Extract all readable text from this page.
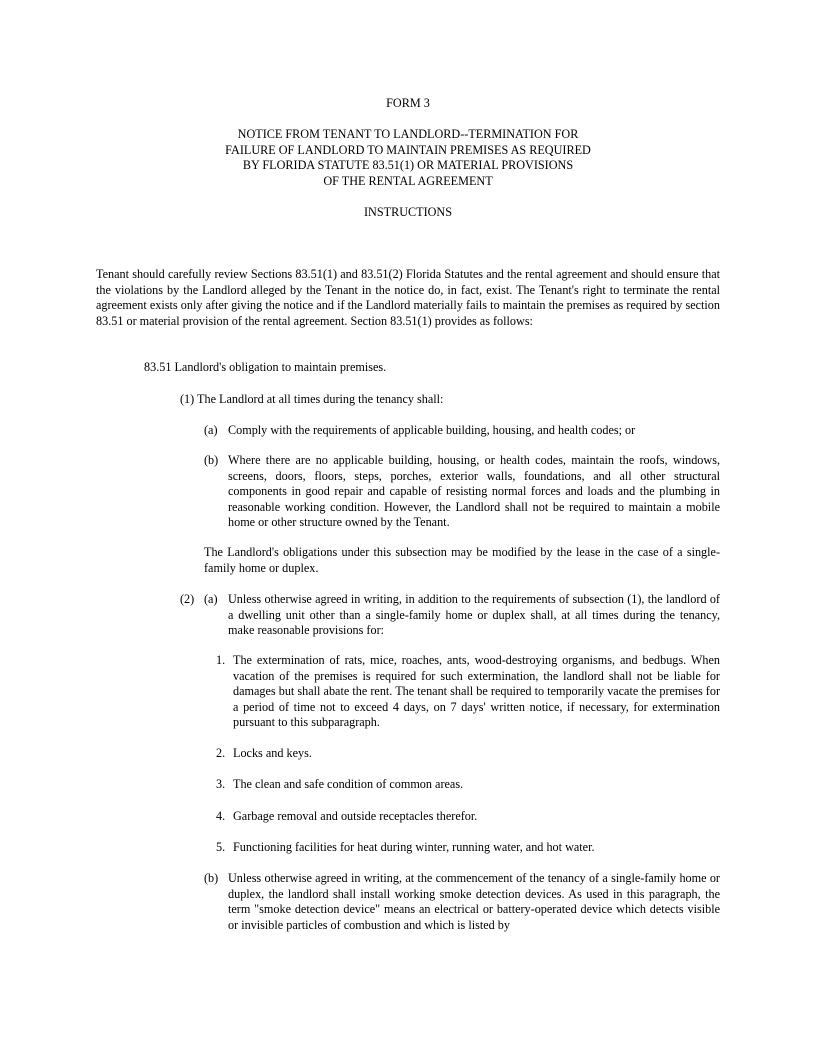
FORM 3
NOTICE FROM TENANT TO LANDLORD--TERMINATION FOR
FAILURE OF LANDLORD TO MAINTAIN PREMISES AS REQUIRED
BY FLORIDA STATUTE 83.51(1) OR MATERIAL PROVISIONS
OF THE RENTAL AGREEMENT
INSTRUCTIONS
Tenant should carefully review Sections 83.51(1) and 83.51(2) Florida Statutes and the rental agreement and should ensure that the violations by the Landlord alleged by the Tenant in the notice do, in fact, exist. The Tenant's right to terminate the rental agreement exists only after giving the notice and if the Landlord materially fails to maintain the premises as required by section 83.51 or material provision of the rental agreement. Section 83.51(1) provides as follows:
83.51 Landlord's obligation to maintain premises.
(1) The Landlord at all times during the tenancy shall:
(a) Comply with the requirements of applicable building, housing, and health codes; or
(b) Where there are no applicable building, housing, or health codes, maintain the roofs, windows, screens, doors, floors, steps, porches, exterior walls, foundations, and all other structural components in good repair and capable of resisting normal forces and loads and the plumbing in reasonable working condition. However, the Landlord shall not be required to maintain a mobile home or other structure owned by the Tenant.
The Landlord's obligations under this subsection may be modified by the lease in the case of a single-family home or duplex.
(2) (a) Unless otherwise agreed in writing, in addition to the requirements of subsection (1), the landlord of a dwelling unit other than a single-family home or duplex shall, at all times during the tenancy, make reasonable provisions for:
1. The extermination of rats, mice, roaches, ants, wood-destroying organisms, and bedbugs. When vacation of the premises is required for such extermination, the landlord shall not be liable for damages but shall abate the rent. The tenant shall be required to temporarily vacate the premises for a period of time not to exceed 4 days, on 7 days' written notice, if necessary, for extermination pursuant to this subparagraph.
2. Locks and keys.
3. The clean and safe condition of common areas.
4. Garbage removal and outside receptacles therefor.
5. Functioning facilities for heat during winter, running water, and hot water.
(b) Unless otherwise agreed in writing, at the commencement of the tenancy of a single-family home or duplex, the landlord shall install working smoke detection devices. As used in this paragraph, the term "smoke detection device" means an electrical or battery-operated device which detects visible or invisible particles of combustion and which is listed by
